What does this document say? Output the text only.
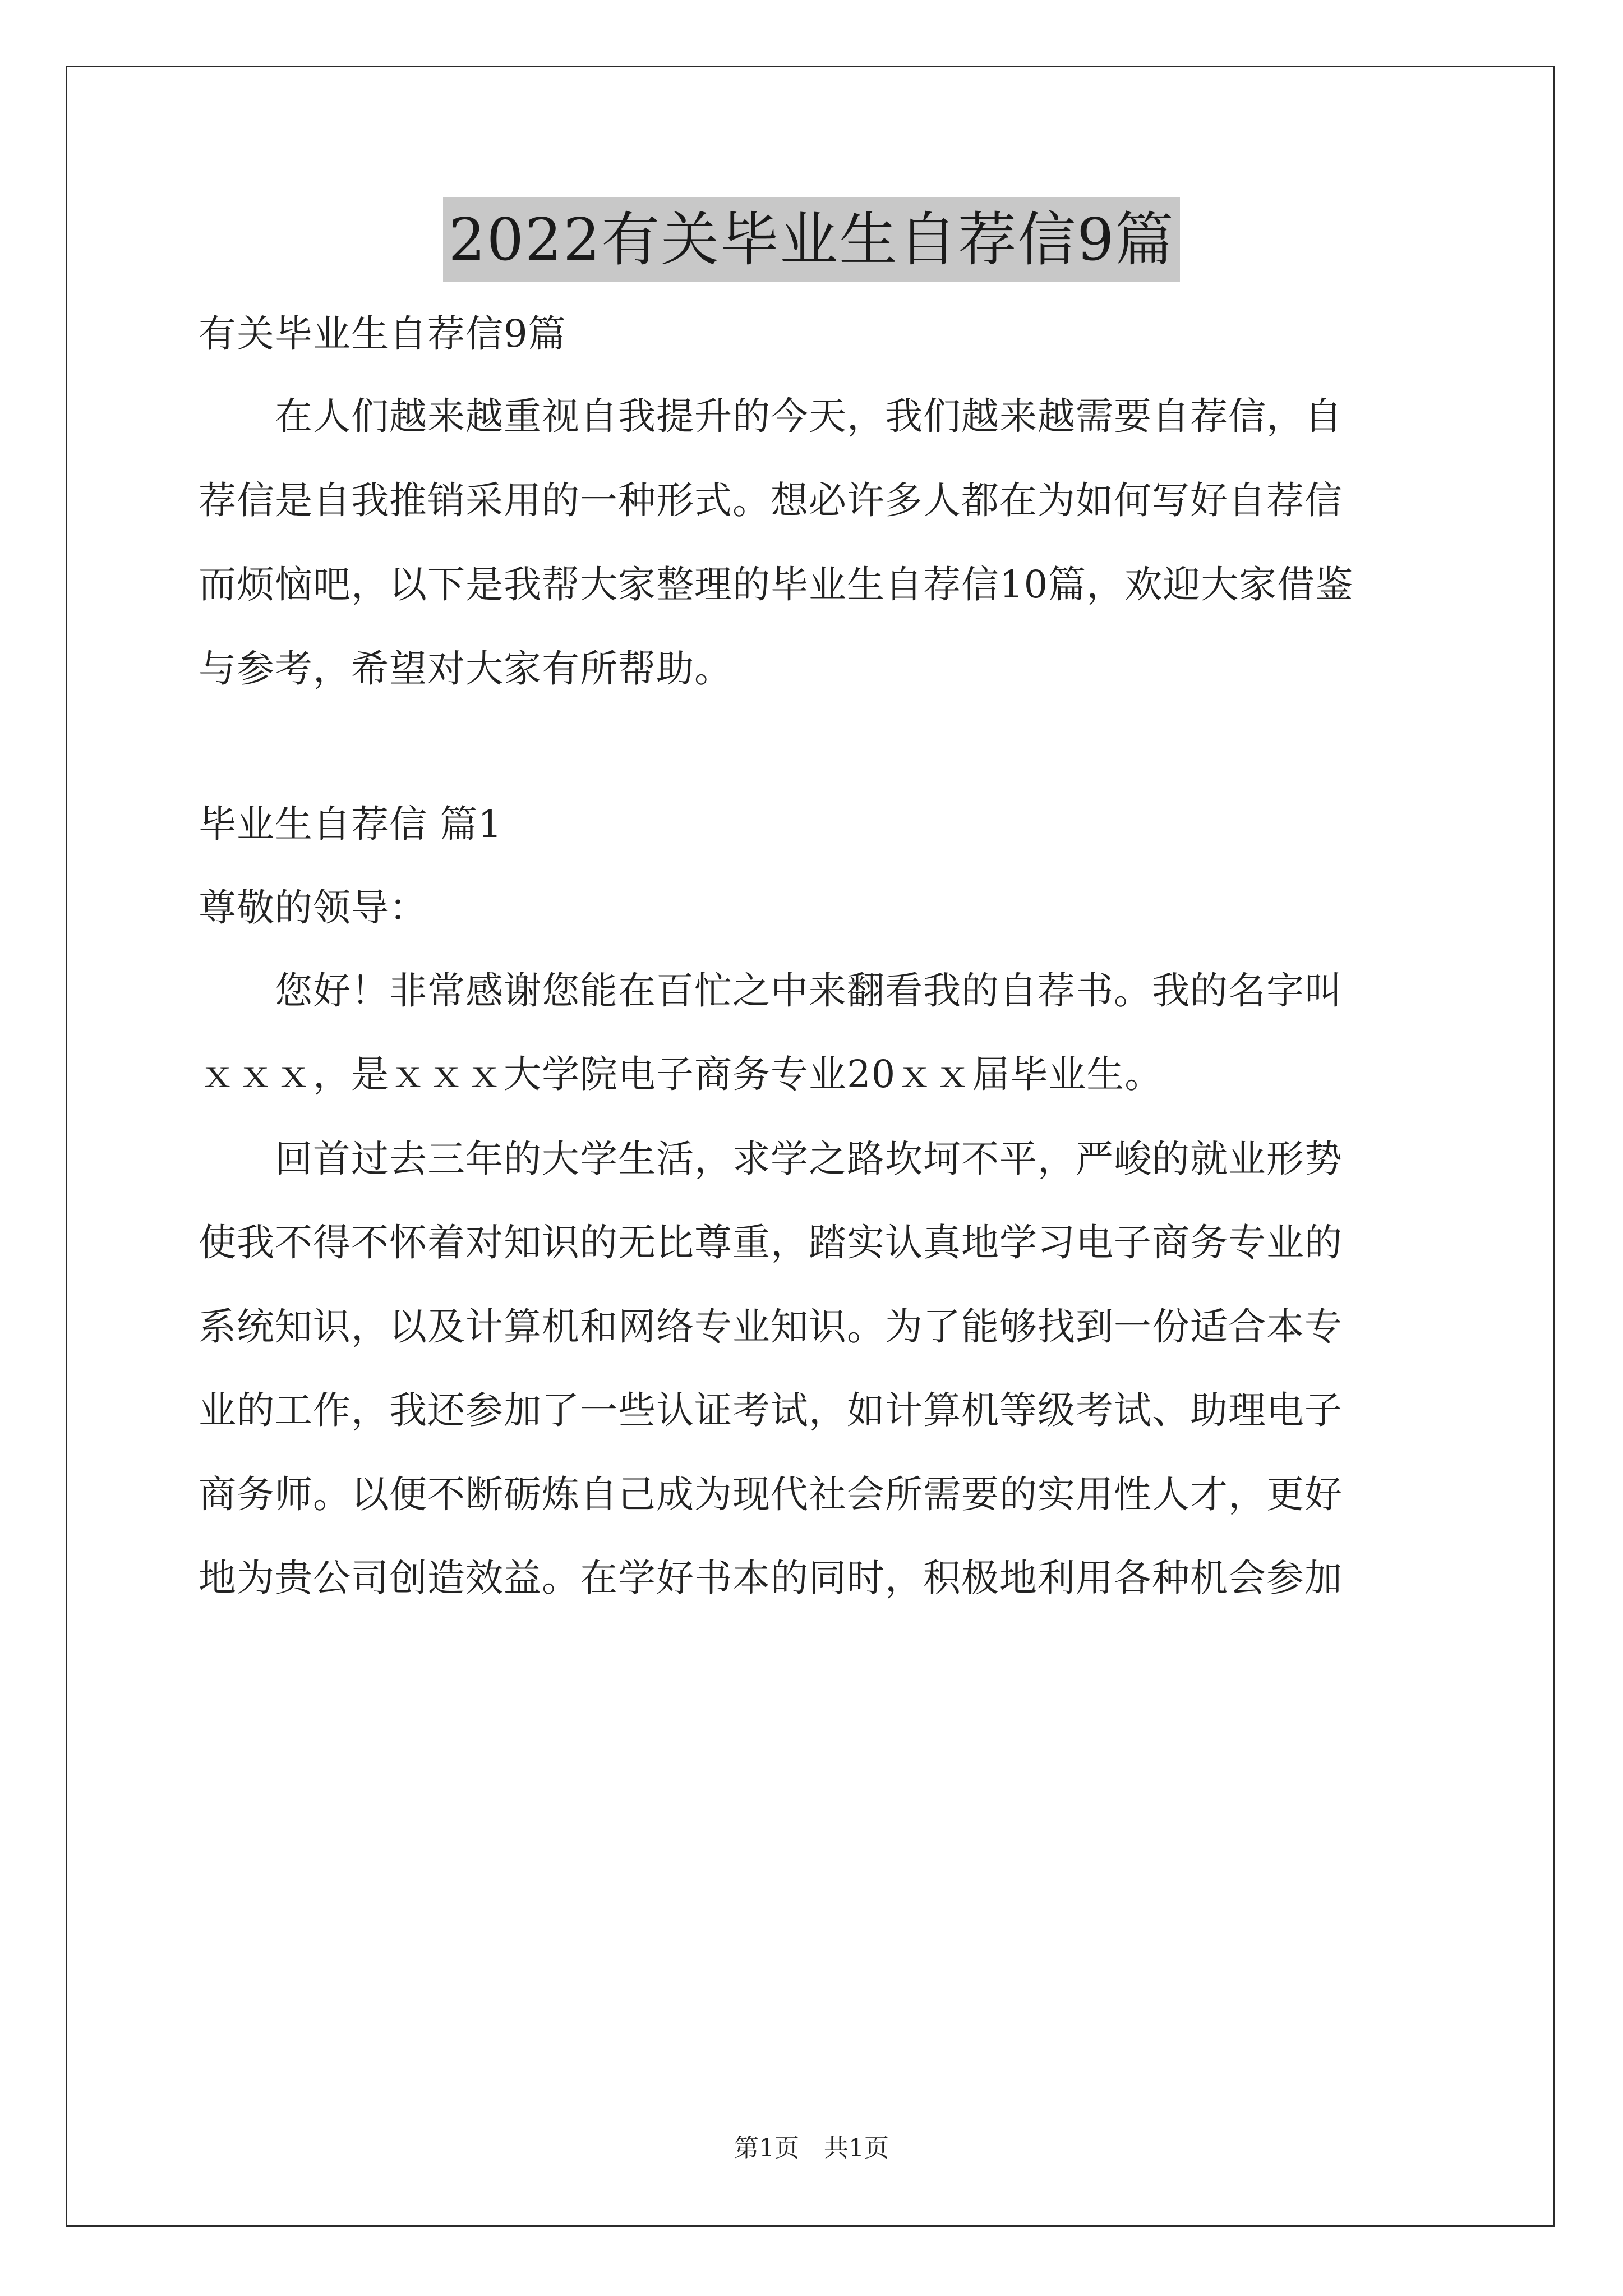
2022有关毕业生自荐信9篇
有关毕业生自荐信9篇
　　在人们越来越重视自我提升的今天，我们越来越需要自荐信，自
荐信是自我推销采用的一种形式。想必许多人都在为如何写好自荐信
而烦恼吧，以下是我帮大家整理的毕业生自荐信10篇，欢迎大家借鉴
与参考，希望对大家有所帮助。
毕业生自荐信 篇1
尊敬的领导：
　　您好！非常感谢您能在百忙之中来翻看我的自荐书。我的名字叫
ｘｘｘ，是ｘｘｘ大学院电子商务专业20ｘｘ届毕业生。
　　回首过去三年的大学生活，求学之路坎坷不平，严峻的就业形势
使我不得不怀着对知识的无比尊重，踏实认真地学习电子商务专业的
系统知识，以及计算机和网络专业知识。为了能够找到一份适合本专
业的工作，我还参加了一些认证考试，如计算机等级考试、助理电子
商务师。以便不断砺炼自己成为现代社会所需要的实用性人才，更好
地为贵公司创造效益。在学好书本的同时，积极地利用各种机会参加
第1页　共1页
